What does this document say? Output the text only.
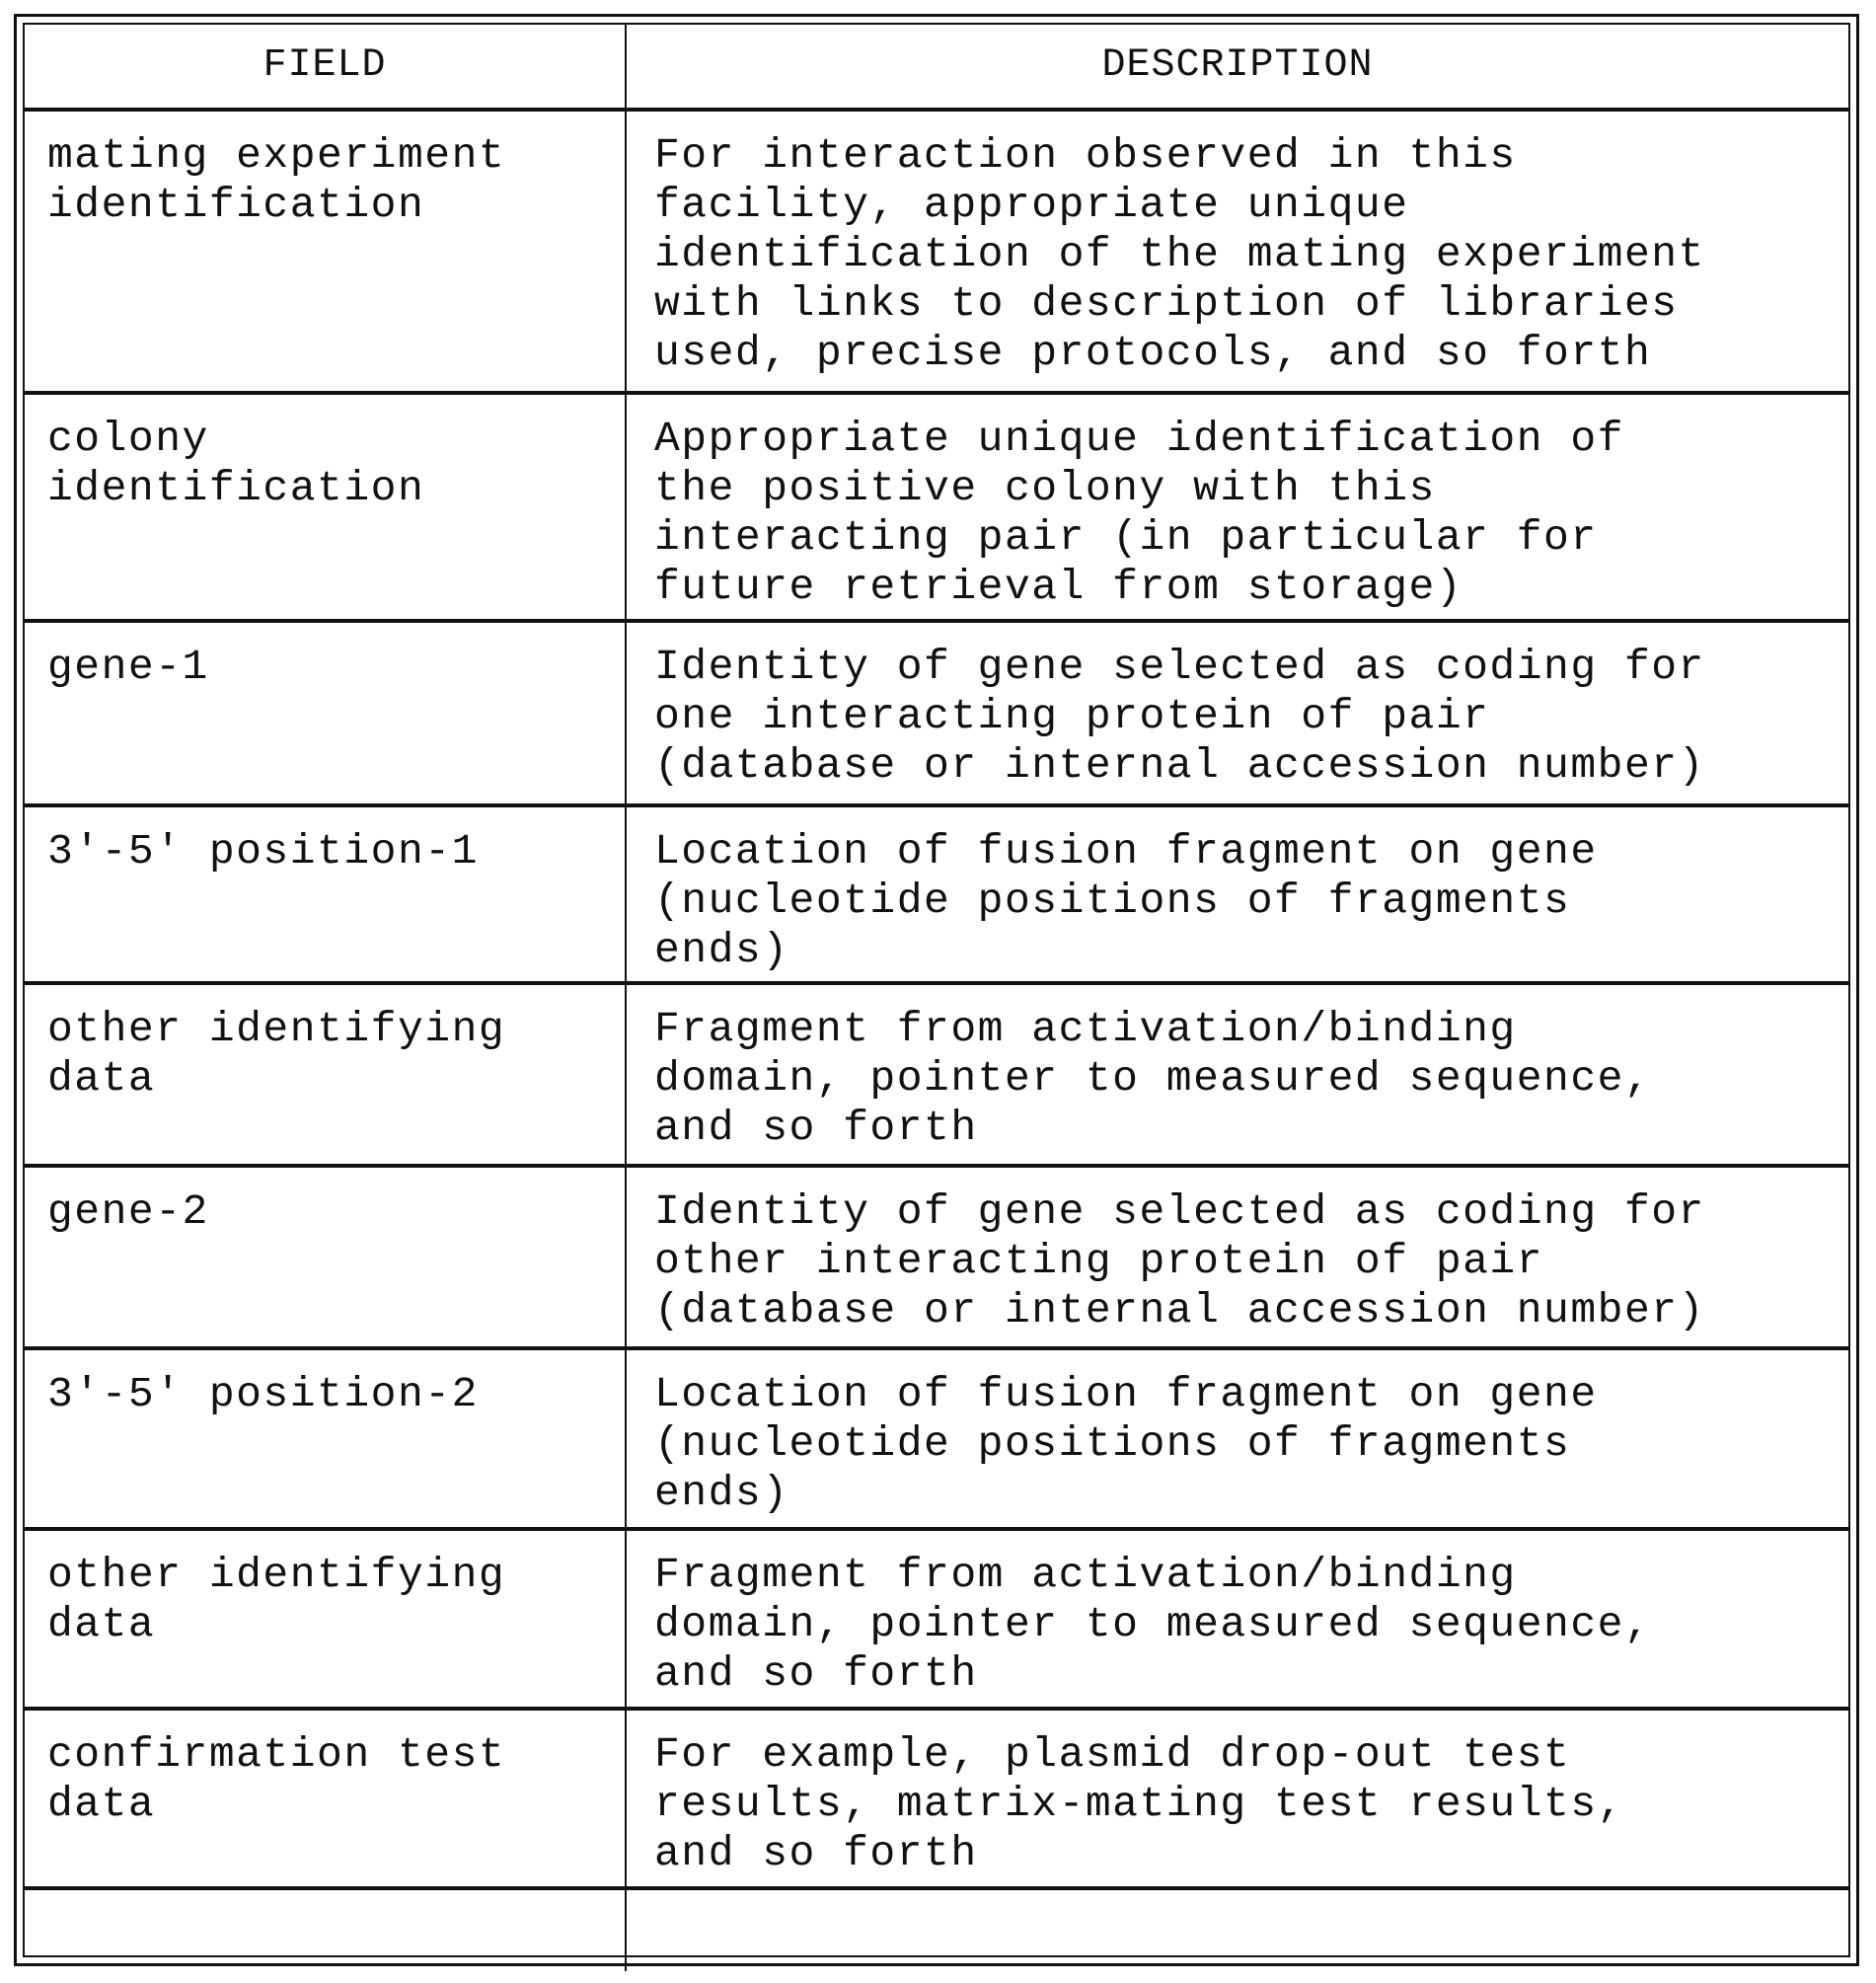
FIELD	DESCRIPTION

mating experiment
identification	For interaction observed in this
facility, appropriate unique
identification of the mating experiment
with links to description of libraries
used, precise protocols, and so forth

colony
identification	Appropriate unique identification of
the positive colony with this
interacting pair (in particular for
future retrieval from storage)

gene-1	Identity of gene selected as coding for
one interacting protein of pair
(database or internal accession number)

3′-5′ position-1	Location of fusion fragment on gene
(nucleotide positions of fragments
ends)

other identifying
data	Fragment from activation/binding
domain, pointer to measured sequence,
and so forth

gene-2	Identity of gene selected as coding for
other interacting protein of pair
(database or internal accession number)

3′-5′ position-2	Location of fusion fragment on gene
(nucleotide positions of fragments
ends)

other identifying
data	Fragment from activation/binding
domain, pointer to measured sequence,
and so forth

confirmation test
data	For example, plasmid drop-out test
results, matrix-mating test results,
and so forth
